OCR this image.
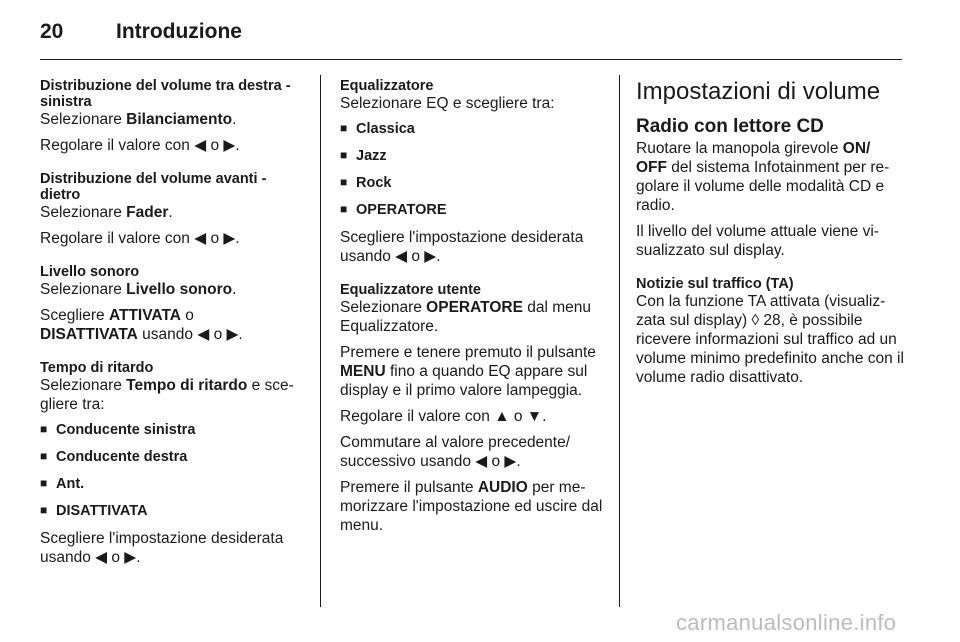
20	Introduzione
Distribuzione del volume tra destra - sinistra
Selezionare Bilanciamento.
Regolare il valore con ◀ o ▶.
Distribuzione del volume avanti - dietro
Selezionare Fader.
Regolare il valore con ◀ o ▶.
Livello sonoro
Selezionare Livello sonoro.
Scegliere ATTIVATA o
DISATTIVATA usando ◀ o ▶.
Tempo di ritardo
Selezionare Tempo di ritardo e sce-gliere tra:
■ Conducente sinistra
■ Conducente destra
■ Ant.
■ DISATTIVATA
Scegliere l'impostazione desiderata usando ◀ o ▶.
Equalizzatore
Selezionare EQ e scegliere tra:
■ Classica
■ Jazz
■ Rock
■ OPERATORE
Scegliere l'impostazione desiderata usando ◀ o ▶.
Equalizzatore utente
Selezionare OPERATORE dal menu Equalizzatore.
Premere e tenere premuto il pulsante MENU fino a quando EQ appare sul display e il primo valore lampeggia.
Regolare il valore con ▲ o ▼.
Commutare al valore precedente/ successivo usando ◀ o ▶.
Premere il pulsante AUDIO per me-morizzare l'impostazione ed uscire dal menu.
Impostazioni di volume
Radio con lettore CD
Ruotare la manopola girevole ON/ OFF del sistema Infotainment per re-golare il volume delle modalità CD e radio.
Il livello del volume attuale viene vi-sualizzato sul display.
Notizie sul traffico (TA)
Con la funzione TA attivata (visualiz-zata sul display) ◊ 28, è possibile ricevere informazioni sul traffico ad un volume minimo predefinito anche con il volume radio disattivato.
carmanualsonline.info
